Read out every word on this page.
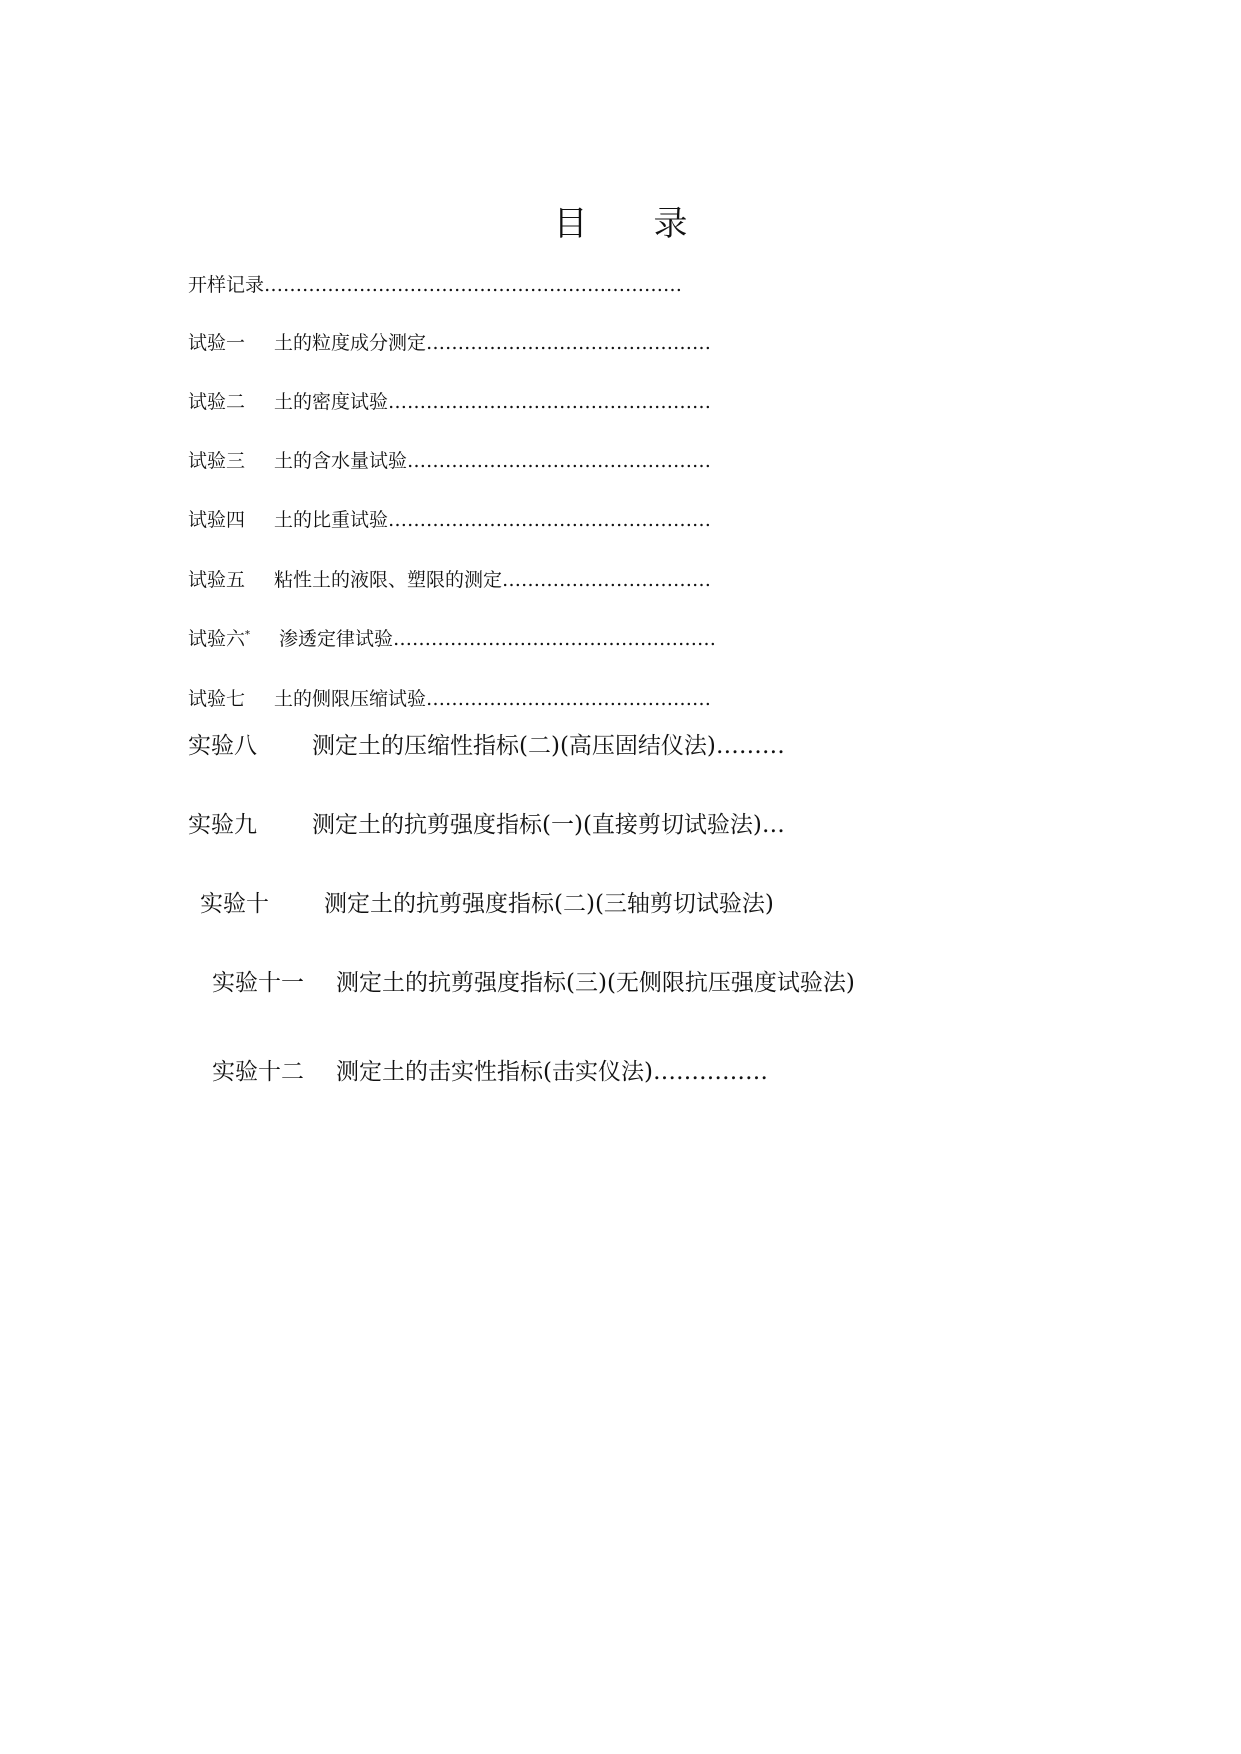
目 录
开样记录…………………………………………………………
试验一 土的粒度成分测定………………………………………
试验二 土的密度试验……………………………………………
试验三 土的含水量试验…………………………………………
试验四 土的比重试验……………………………………………
试验五 粘性土的液限、塑限的测定……………………………
试验六* 渗透定律试验……………………………………………
试验七 土的侧限压缩试验………………………………………
实验八 测定土的压缩性指标(二)(高压固结仪法)………
实验九 测定土的抗剪强度指标(一)(直接剪切试验法)…
实验十 测定土的抗剪强度指标(二)(三轴剪切试验法)
实验十一 测定土的抗剪强度指标(三)(无侧限抗压强度试验法)
实验十二 测定土的击实性指标(击实仪法)……………
